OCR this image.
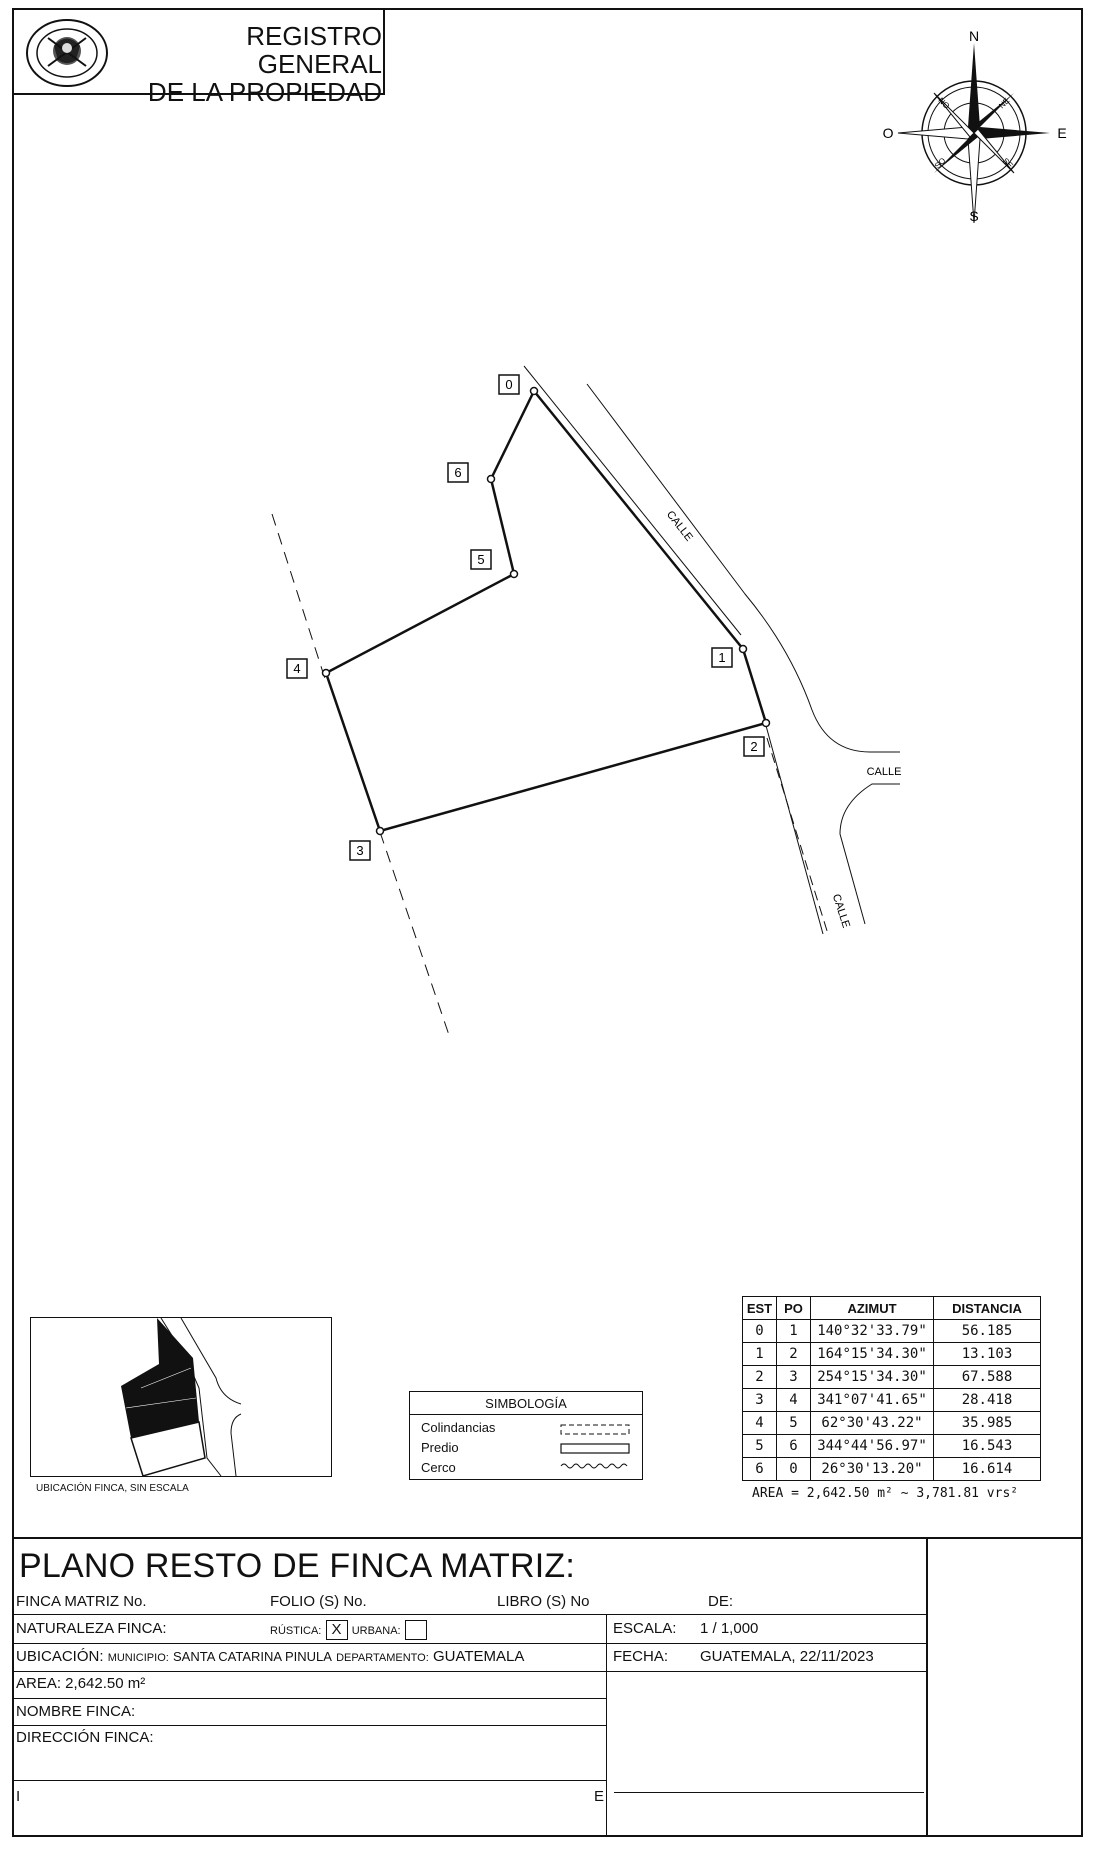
REGISTRO GENERAL
DE LA PROPIEDAD
N
S
E
O
NE
NO
SE
SO
0
1
2
3
4
5
6
CALLE
CALLE
CALLE
EST	PO	AZIMUT	DISTANCIA
0	1	140°32'33.79"	56.185
1	2	164°15'34.30"	13.103
2	3	254°15'34.30"	67.588
3	4	341°07'41.65"	28.418
4	5	62°30'43.22"	35.985
5	6	344°44'56.97"	16.543
6	0	26°30'13.20"	16.614
AREA = 2,642.50 m² ~ 3,781.81 vrs²
UBICACIÓN FINCA, SIN ESCALA
SIMBOLOGÍA
Colindancias
Predio
Cerco
PLANO RESTO DE FINCA MATRIZ:
FINCA MATRIZ No.	FOLIO (S) No.	LIBRO (S) No	DE:
NATURALEZA FINCA:	RÚSTICA: X URBANA:	ESCALA: 1 / 1,000
UBICACIÓN: MUNICIPIO: SANTA CATARINA PINULA DEPARTAMENTO: GUATEMALA	FECHA: GUATEMALA, 22/11/2023
AREA: 2,642.50 m²
NOMBRE FINCA:
DIRECCIÓN FINCA:
I	E
